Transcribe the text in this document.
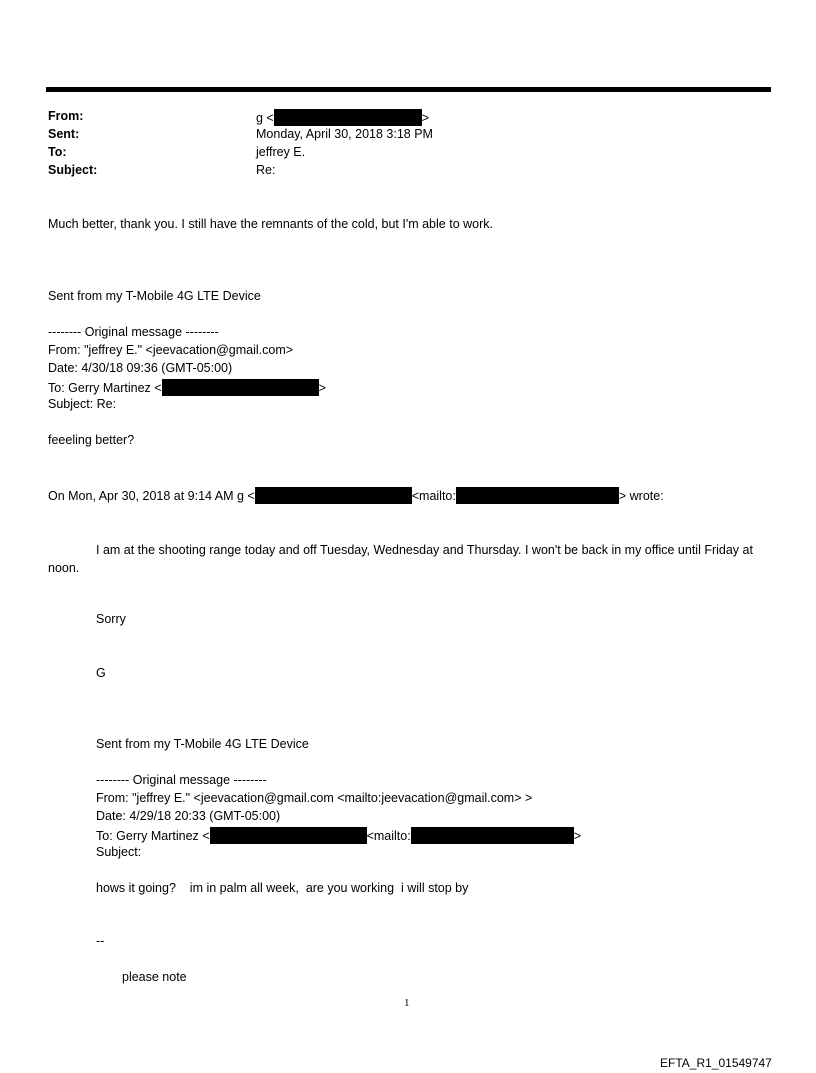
From:	g <	>
Sent:	Monday, April 30, 2018 3:18 PM
To:	jeffrey E.
Subject:	Re:
Much better, thank you. I still have the remnants of the cold, but I'm able to work.
Sent from my T-Mobile 4G LTE Device
-------- Original message --------
From: "jeffrey E." <jeevacation@gmail.com>
Date: 4/30/18 09:36 (GMT-05:00)
To: Gerry Martinez <	>
Subject: Re:
feeeling better?
On Mon, Apr 30, 2018 at 9:14 AM g <	<mailto:	> wrote:
I am at the shooting range today and off Tuesday, Wednesday and Thursday. I won't be back in my office until Friday at noon.
Sorry
G
Sent from my T-Mobile 4G LTE Device
-------- Original message --------
From: "jeffrey E." <jeevacation@gmail.com <mailto:jeevacation@gmail.com> >
Date: 4/29/18 20:33 (GMT-05:00)
To: Gerry Martinez <	<mailto:	>
Subject:
hows it going?    im in palm all week,  are you working  i will stop by
--
please note
1
EFTA_R1_01549747
